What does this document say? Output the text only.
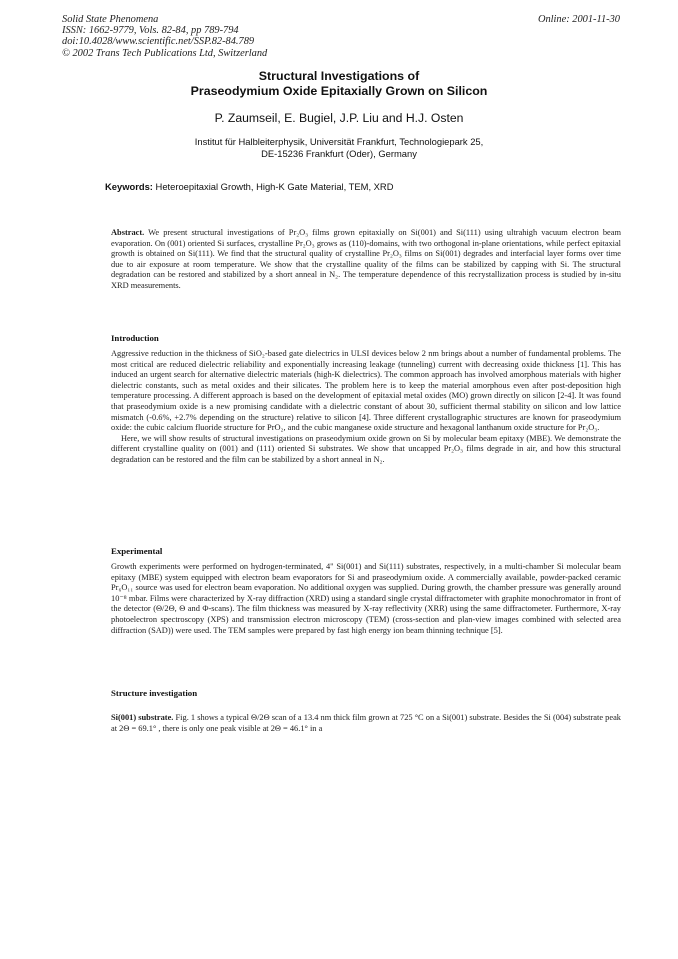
Solid State Phenomena
ISSN: 1662-9779, Vols. 82-84, pp 789-794
doi:10.4028/www.scientific.net/SSP.82-84.789
© 2002 Trans Tech Publications Ltd, Switzerland
Online: 2001-11-30
Structural Investigations of
Praseodymium Oxide Epitaxially Grown on Silicon
P. Zaumseil, E. Bugiel, J.P. Liu and H.J. Osten
Institut für Halbleiterphysik, Universität Frankfurt, Technologiepark 25,
DE-15236 Frankfurt (Oder), Germany
Keywords: Heteroepitaxial Growth, High-K Gate Material, TEM, XRD
Abstract. We present structural investigations of Pr₂O₃ films grown epitaxially on Si(001) and Si(111) using ultrahigh vacuum electron beam evaporation. On (001) oriented Si surfaces, crystalline Pr₂O₃ grows as (110)-domains, with two orthogonal in-plane orientations, while perfect epitaxial growth is obtained on Si(111). We find that the structural quality of crystalline Pr₂O₃ films on Si(001) degrades and interfacial layer forms over time due to air exposure at room temperature. We show that the crystalline quality of the films can be stabilized by capping with Si. The structural degradation can be restored and stabilized by a short anneal in N₂. The temperature dependence of this recrystallization process is studied by in-situ XRD measurements.
Introduction
Aggressive reduction in the thickness of SiO₂-based gate dielectrics in ULSI devices below 2 nm brings about a number of fundamental problems. The most critical are reduced dielectric reliability and exponentially increasing leakage (tunneling) current with decreasing oxide thickness [1]. This has induced an urgent search for alternative dielectric materials (high-K dielectrics). The common approach has involved amorphous materials with higher dielectric constants, such as metal oxides and their silicates. The problem here is to keep the material amorphous even after post-deposition high temperature processing. A different approach is based on the development of epitaxial metal oxides (MO) grown directly on silicon [2-4]. It was found that praseodymium oxide is a new promising candidate with a dielectric constant of about 30, sufficient thermal stability on silicon and low lattice mismatch (-0.6%, +2.7% depending on the structure) relative to silicon [4]. Three different crystallographic structures are known for praseodymium oxide: the cubic calcium fluoride structure for PrO₂, and the cubic manganese oxide structure and hexagonal lanthanum oxide structure for Pr₂O₃.
Here, we will show results of structural investigations on praseodymium oxide grown on Si by molecular beam epitaxy (MBE). We demonstrate the different crystalline quality on (001) and (111) oriented Si substrates. We show that uncapped Pr₂O₃ films degrade in air, and how this structural degradation can be restored and the film can be stabilized by a short anneal in N₂.
Experimental
Growth experiments were performed on hydrogen-terminated, 4" Si(001) and Si(111) substrates, respectively, in a multi-chamber Si molecular beam epitaxy (MBE) system equipped with electron beam evaporators for Si and praseodymium oxide. A commercially available, powder-packed ceramic Pr₆O₁₁ source was used for electron beam evaporation. No additional oxygen was supplied. During growth, the chamber pressure was generally around 10⁻⁸ mbar. Films were characterized by X-ray diffraction (XRD) using a standard single crystal diffractometer with graphite monochromator in front of the detector (Θ/2Θ, Θ and Φ-scans). The film thickness was measured by X-ray reflectivity (XRR) using the same diffractometer. Furthermore, X-ray photoelectron spectroscopy (XPS) and transmission electron microscopy (TEM) (cross-section and plan-view images combined with selected area diffraction (SAD)) were used. The TEM samples were prepared by fast high energy ion beam thinning technique [5].
Structure investigation
Si(001) substrate. Fig. 1 shows a typical Θ/2Θ scan of a 13.4 nm thick film grown at 725 °C on a Si(001) substrate. Besides the Si (004) substrate peak at 2Θ = 69.1° , there is only one peak visible at 2Θ = 46.1° in a
